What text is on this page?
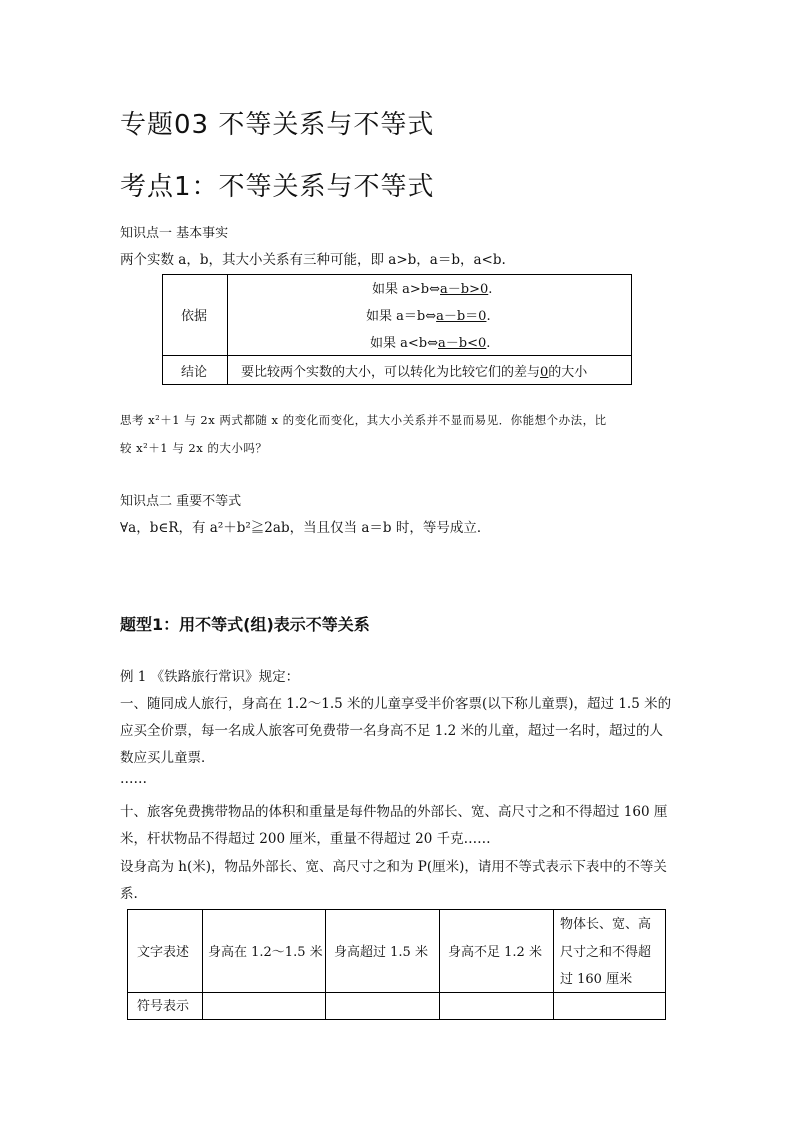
专题03 不等关系与不等式
考点1：不等关系与不等式
知识点一 基本事实
两个实数 a，b，其大小关系有三种可能，即 a>b，a＝b，a<b.
依据
如果 a>b⇔a－b>0.
如果 a＝b⇔a－b＝0.
如果 a<b⇔a－b<0.
结论	要比较两个实数的大小，可以转化为比较它们的差与0的大小
思考 x²＋1 与 2x 两式都随 x 的变化而变化，其大小关系并不显而易见．你能想个办法，比
较 x²＋1 与 2x 的大小吗？
知识点二 重要不等式
∀a，b∈R，有 a²＋b²≧2ab，当且仅当 a＝b 时，等号成立．
题型1：用不等式(组)表示不等关系
例 1 《铁路旅行常识》规定：
一、随同成人旅行，身高在 1.2～1.5 米的儿童享受半价客票(以下称儿童票)，超过 1.5 米的
应买全价票，每一名成人旅客可免费带一名身高不足 1.2 米的儿童，超过一名时，超过的人
数应买儿童票．
……
十、旅客免费携带物品的体积和重量是每件物品的外部长、宽、高尺寸之和不得超过 160 厘
米，杆状物品不得超过 200 厘米，重量不得超过 20 千克……
设身高为 h(米)，物品外部长、宽、高尺寸之和为 P(厘米)，请用不等式表示下表中的不等关
系.
文字表述 身高在 1.2～1.5 米 身高超过 1.5 米 身高不足 1.2 米
物体长、宽、高
尺寸之和不得超
过 160 厘米
符号表示
